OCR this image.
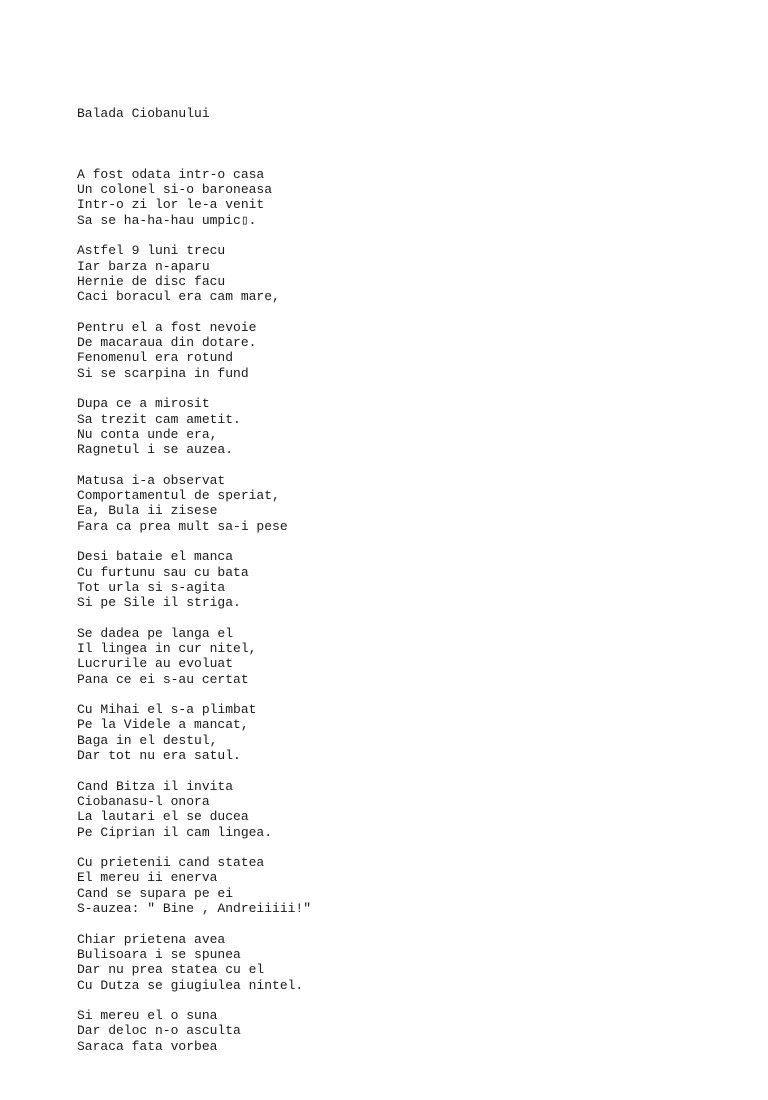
Balada Ciobanului

A fost odata intr-o casa
Un colonel si-o baroneasa
Intr-o zi lor le-a venit
Sa se ha-ha-hau umpic▯.
Astfel 9 luni trecu
Iar barza n-aparu
Hernie de disc facu
Caci boracul era cam mare,
Pentru el a fost nevoie
De macaraua din dotare.
Fenomenul era rotund
Si se scarpina in fund
Dupa ce a mirosit
Sa trezit cam ametit.
Nu conta unde era,
Ragnetul i se auzea.
Matusa i-a observat
Comportamentul de speriat,
Ea, Bula ii zisese
Fara ca prea mult sa-i pese
Desi bataie el manca
Cu furtunu sau cu bata
Tot urla si s-agita
Si pe Sile il striga.
Se dadea pe langa el
Il lingea in cur nitel,
Lucrurile au evoluat
Pana ce ei s-au certat
Cu Mihai el s-a plimbat
Pe la Videle a mancat,
Baga in el destul,
Dar tot nu era satul.
Cand Bitza il invita
Ciobanasu-l onora
La lautari el se ducea
Pe Ciprian il cam lingea.
Cu prietenii cand statea
El mereu ii enerva
Cand se supara pe ei
S-auzea: " Bine , Andreiiiii!"
Chiar prietena avea
Bulisoara i se spunea
Dar nu prea statea cu el
Cu Dutza se giugiulea nintel.
Si mereu el o suna
Dar deloc n-o asculta
Saraca fata vorbea
